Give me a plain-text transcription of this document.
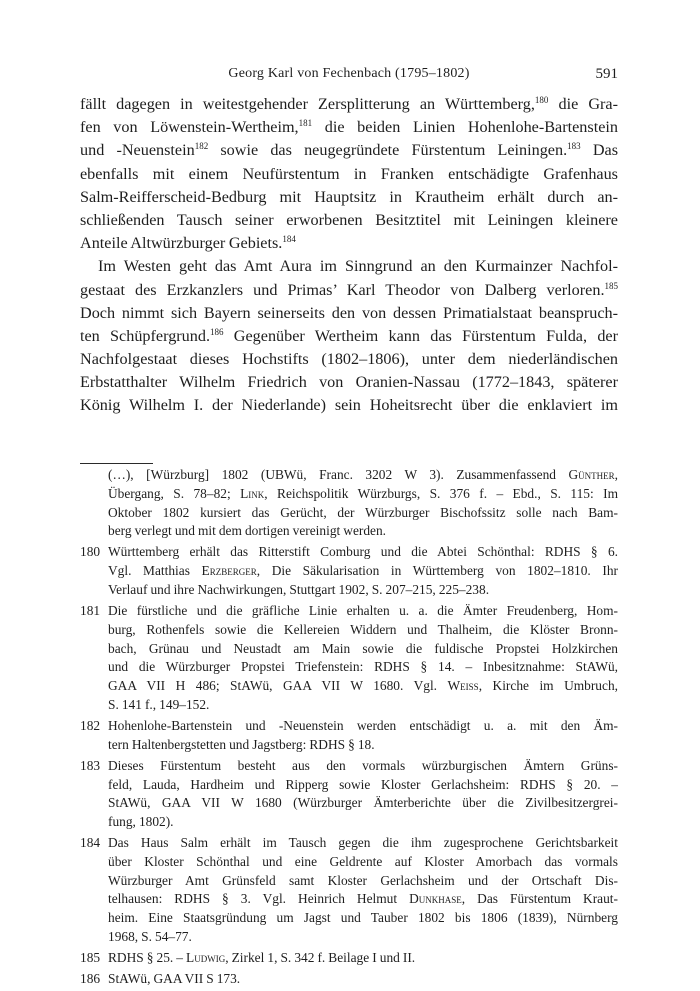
Georg Karl von Fechenbach (1795–1802)	591
fällt dagegen in weitestgehender Zersplitterung an Württemberg,$^{180}$ die Gra-
fen von Löwenstein-Wertheim,$^{181}$ die beiden Linien Hohenlohe-Bartenstein
und -Neuenstein$^{182}$ sowie das neugegründete Fürstentum Leiningen.$^{183}$ Das
ebenfalls mit einem Neufürstentum in Franken entschädigte Grafenhaus
Salm-Reifferscheid-Bedburg mit Hauptsitz in Krautheim erhält durch an-
schließenden Tausch seiner erworbenen Besitztitel mit Leiningen kleinere
Anteile Altwürzburger Gebiets.$^{184}$
Im Westen geht das Amt Aura im Sinngrund an den Kurmainzer Nachfol-
gestaat des Erzkanzlers und Primas’ Karl Theodor von Dalberg verloren.$^{185}$
Doch nimmt sich Bayern seinerseits den von dessen Primatialstaat beanspruch-
ten Schüpfergrund.$^{186}$ Gegenüber Wertheim kann das Fürstentum Fulda, der
Nachfolgestaat dieses Hochstifts (1802–1806), unter dem niederländischen
Erbstatthalter Wilhelm Friedrich von Oranien-Nassau (1772–1843, späterer
König Wilhelm I. der Niederlande) sein Hoheitsrecht über die enklaviert im
(…), [Würzburg] 1802 (UBWü, Franc. 3202 W 3). Zusammenfassend Günther,
Übergang, S. 78–82; Link, Reichspolitik Würzburgs, S. 376 f. – Ebd., S. 115: Im
Oktober 1802 kursiert das Gerücht, der Würzburger Bischofssitz solle nach Bam-
berg verlegt und mit dem dortigen vereinigt werden.
180 Württemberg erhält das Ritterstift Comburg und die Abtei Schönthal: RDHS § 6.
Vgl. Matthias Erzberger, Die Säkularisation in Württemberg von 1802–1810. Ihr
Verlauf und ihre Nachwirkungen, Stuttgart 1902, S. 207–215, 225–238.
181 Die fürstliche und die gräfliche Linie erhalten u. a. die Ämter Freudenberg, Hom-
burg, Rothenfels sowie die Kellereien Widdern und Thalheim, die Klöster Bronn-
bach, Grünau und Neustadt am Main sowie die fuldische Propstei Holzkirchen
und die Würzburger Propstei Triefenstein: RDHS § 14. – Inbesitznahme: StAWü,
GAA VII H 486; StAWü, GAA VII W 1680. Vgl. Weiss, Kirche im Umbruch,
S. 141 f., 149–152.
182 Hohenlohe-Bartenstein und -Neuenstein werden entschädigt u. a. mit den Äm-
tern Haltenbergstetten und Jagstberg: RDHS § 18.
183 Dieses Fürstentum besteht aus den vormals würzburgischen Ämtern Grüns-
feld, Lauda, Hardheim und Ripperg sowie Kloster Gerlachsheim: RDHS § 20. –
StAWü, GAA VII W 1680 (Würzburger Ämterberichte über die Zivilbesitzergrei-
fung, 1802).
184 Das Haus Salm erhält im Tausch gegen die ihm zugesprochene Gerichtsbarkeit
über Kloster Schönthal und eine Geldrente auf Kloster Amorbach das vormals
Würzburger Amt Grünsfeld samt Kloster Gerlachsheim und der Ortschaft Dis-
telhausen: RDHS § 3. Vgl. Heinrich Helmut Dunkhase, Das Fürstentum Kraut-
heim. Eine Staatsgründung um Jagst und Tauber 1802 bis 1806 (1839), Nürnberg
1968, S. 54–77.
185 RDHS § 25. – Ludwig, Zirkel 1, S. 342 f. Beilage I und II.
186 StAWü, GAA VII S 173.
